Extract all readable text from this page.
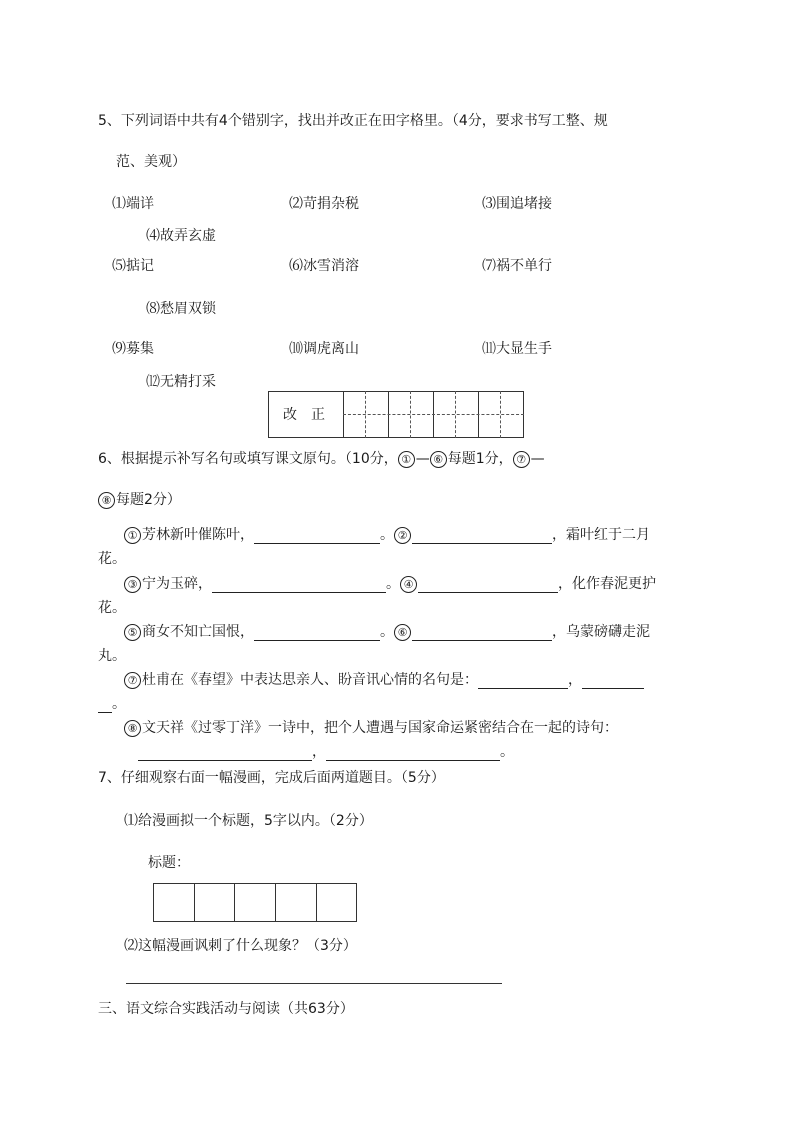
5、下列词语中共有4个错别字，找出并改正在田字格里。（4分，要求书写工整、规
范、美观）
⑴端详	⑵苛捐杂税	⑶围追堵接
⑷故弄玄虚
⑸掂记	⑹冰雪消溶	⑺祸不单行
⑻愁眉双锁
⑼募集	⑽调虎离山	⑾大显生手
⑿无精打采
改　正
6、根据提示补写名句或填写课文原句。（10分， ① — ⑥ 每题1分， ⑦ —
⑧ 每题2分）
① 芳林新叶催陈叶，	。 ②	，霜叶红于二月
花。
③ 宁为玉碎，	。 ④	，化作春泥更护
花。
⑤ 商女不知亡国恨，	。 ⑥	，乌蒙磅礴走泥
丸。
⑦ 杜甫在《春望》中表达思亲人、盼音讯心情的名句是：	，
。
⑧ 文天祥《过零丁洋》一诗中，把个人遭遇与国家命运紧密结合在一起的诗句：
，	。
7、仔细观察右面一幅漫画，完成后面两道题目。（5分）
⑴给漫画拟一个标题，5字以内。（2分）
标题：
⑵这幅漫画讽刺了什么现象？（3分）
三、语文综合实践活动与阅读（共63分）
